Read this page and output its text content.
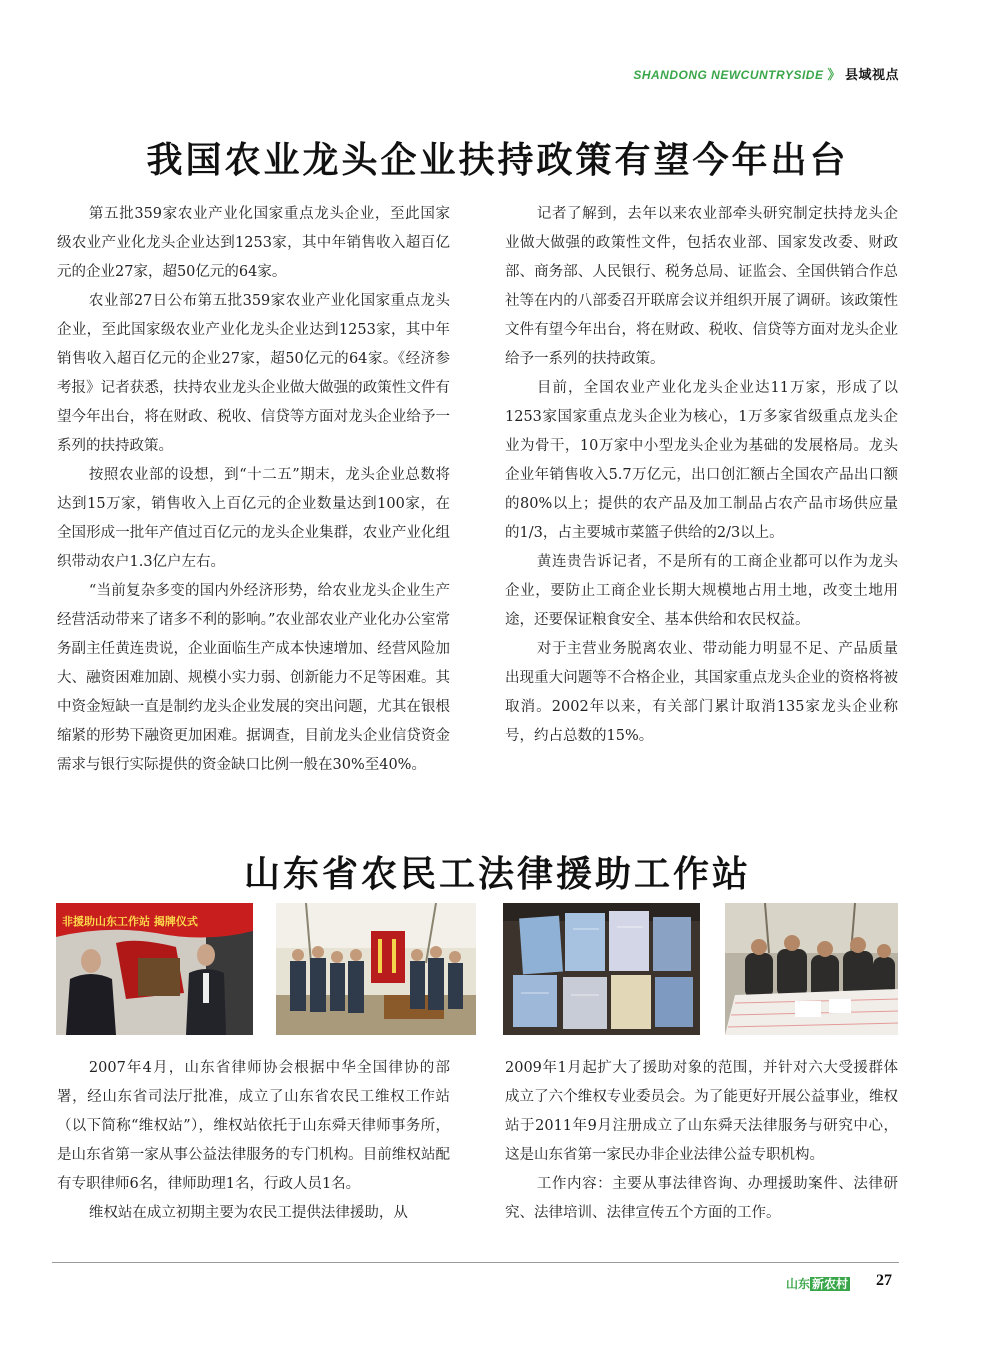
SHANDONG NEWCUNTRYSIDE 》 县域视点
我国农业龙头企业扶持政策有望今年出台

第五批359家农业产业化国家重点龙头企业，至此国家级农业产业化龙头企业达到1253家，其中年销售收入超百亿元的企业27家，超50亿元的64家。

农业部27日公布第五批359家农业产业化国家重点龙头企业，至此国家级农业产业化龙头企业达到1253家，其中年销售收入超百亿元的企业27家，超50亿元的64家。《经济参考报》记者获悉，扶持农业龙头企业做大做强的政策性文件有望今年出台，将在财政、税收、信贷等方面对龙头企业给予一系列的扶持政策。

按照农业部的设想，到“十二五”期末，龙头企业总数将达到15万家，销售收入上百亿元的企业数量达到100家，在全国形成一批年产值过百亿元的龙头企业集群，农业产业化组织带动农户1.3亿户左右。

“当前复杂多变的国内外经济形势，给农业龙头企业生产经营活动带来了诸多不利的影响。”农业部农业产业化办公室常务副主任黄连贵说，企业面临生产成本快速增加、经营风险加大、融资困难加剧、规模小实力弱、创新能力不足等困难。其中资金短缺一直是制约龙头企业发展的突出问题，尤其在银根缩紧的形势下融资更加困难。据调查，目前龙头企业信贷资金需求与银行实际提供的资金缺口比例一般在30%至40%。

记者了解到，去年以来农业部牵头研究制定扶持龙头企业做大做强的政策性文件，包括农业部、国家发改委、财政部、商务部、人民银行、税务总局、证监会、全国供销合作总社等在内的八部委召开联席会议并组织开展了调研。该政策性文件有望今年出台，将在财政、税收、信贷等方面对龙头企业给予一系列的扶持政策。

目前，全国农业产业化龙头企业达11万家，形成了以1253家国家重点龙头企业为核心，1万多家省级重点龙头企业为骨干，10万家中小型龙头企业为基础的发展格局。龙头企业年销售收入5.7万亿元，出口创汇额占全国农产品出口额的80%以上；提供的农产品及加工制品占农产品市场供应量的1/3，占主要城市菜篮子供给的2/3以上。

黄连贵告诉记者，不是所有的工商企业都可以作为龙头企业，要防止工商企业长期大规模地占用土地，改变土地用途，还要保证粮食安全、基本供给和农民权益。

对于主营业务脱离农业、带动能力明显不足、产品质量出现重大问题等不合格企业，其国家重点龙头企业的资格将被取消。2002年以来，有关部门累计取消135家龙头企业称号，约占总数的15%。

山东省农民工法律援助工作站
非援助山东工作站 揭牌仪式

2007年4月，山东省律师协会根据中华全国律协的部署，经山东省司法厅批准，成立了山东省农民工维权工作站（以下简称“维权站”），维权站依托于山东舜天律师事务所，是山东省第一家从事公益法律服务的专门机构。目前维权站配有专职律师6名，律师助理1名，行政人员1名。

维权站在成立初期主要为农民工提供法律援助，从

2009年1月起扩大了援助对象的范围，并针对六大受援群体成立了六个维权专业委员会。为了能更好开展公益事业，维权站于2011年9月注册成立了山东舜天法律服务与研究中心，这是山东省第一家民办非企业法律公益专职机构。

工作内容：主要从事法律咨询、办理援助案件、法律研究、法律培训、法律宣传五个方面的工作。

山东 新农村 27
